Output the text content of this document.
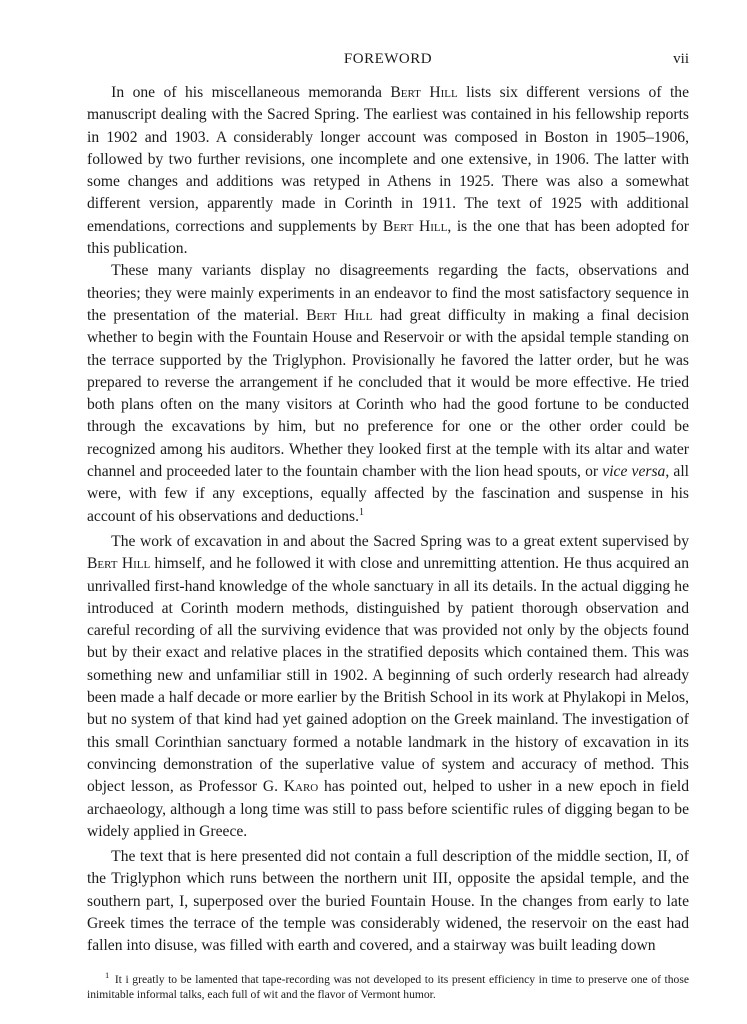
FOREWORD	vii

In one of his miscellaneous memoranda Bert Hill lists six different versions of the manuscript dealing with the Sacred Spring. The earliest was contained in his fellowship reports in 1902 and 1903. A considerably longer account was composed in Boston in 1905–1906, followed by two further revisions, one incomplete and one extensive, in 1906. The latter with some changes and additions was retyped in Athens in 1925. There was also a somewhat different version, apparently made in Corinth in 1911. The text of 1925 with additional emendations, corrections and supplements by Bert Hill, is the one that has been adopted for this publication.

These many variants display no disagreements regarding the facts, observations and theories; they were mainly experiments in an endeavor to find the most satisfactory sequence in the presentation of the material. Bert Hill had great difficulty in making a final decision whether to begin with the Fountain House and Reservoir or with the apsidal temple standing on the terrace supported by the Triglyphon. Provisionally he favored the latter order, but he was prepared to reverse the arrangement if he concluded that it would be more effective. He tried both plans often on the many visitors at Corinth who had the good fortune to be conducted through the excavations by him, but no preference for one or the other order could be recognized among his auditors. Whether they looked first at the temple with its altar and water channel and proceeded later to the fountain chamber with the lion head spouts, or vice versa, all were, with few if any exceptions, equally affected by the fascination and suspense in his account of his observations and deductions.$^1$

The work of excavation in and about the Sacred Spring was to a great extent supervised by Bert Hill himself, and he followed it with close and unremitting attention. He thus acquired an unrivalled first-hand knowledge of the whole sanctuary in all its details. In the actual digging he introduced at Corinth modern methods, distinguished by patient thorough observation and careful recording of all the surviving evidence that was provided not only by the objects found but by their exact and relative places in the stratified deposits which contained them. This was something new and unfamiliar still in 1902. A beginning of such orderly research had already been made a half decade or more earlier by the British School in its work at Phylakopi in Melos, but no system of that kind had yet gained adoption on the Greek mainland. The investigation of this small Corinthian sanctuary formed a notable landmark in the history of excavation in its convincing demonstration of the superlative value of system and accuracy of method. This object lesson, as Professor G. Karo has pointed out, helped to usher in a new epoch in field archaeology, although a long time was still to pass before scientific rules of digging began to be widely applied in Greece.

The text that is here presented did not contain a full description of the middle section, II, of the Triglyphon which runs between the northern unit III, opposite the apsidal temple, and the southern part, I, superposed over the buried Fountain House. In the changes from early to late Greek times the terrace of the temple was considerably widened, the reservoir on the east had fallen into disuse, was filled with earth and covered, and a stairway was built leading down

$^1$ It i greatly to be lamented that tape-recording was not developed to its present efficiency in time to preserve one of those inimitable informal talks, each full of wit and the flavor of Vermont humor.
